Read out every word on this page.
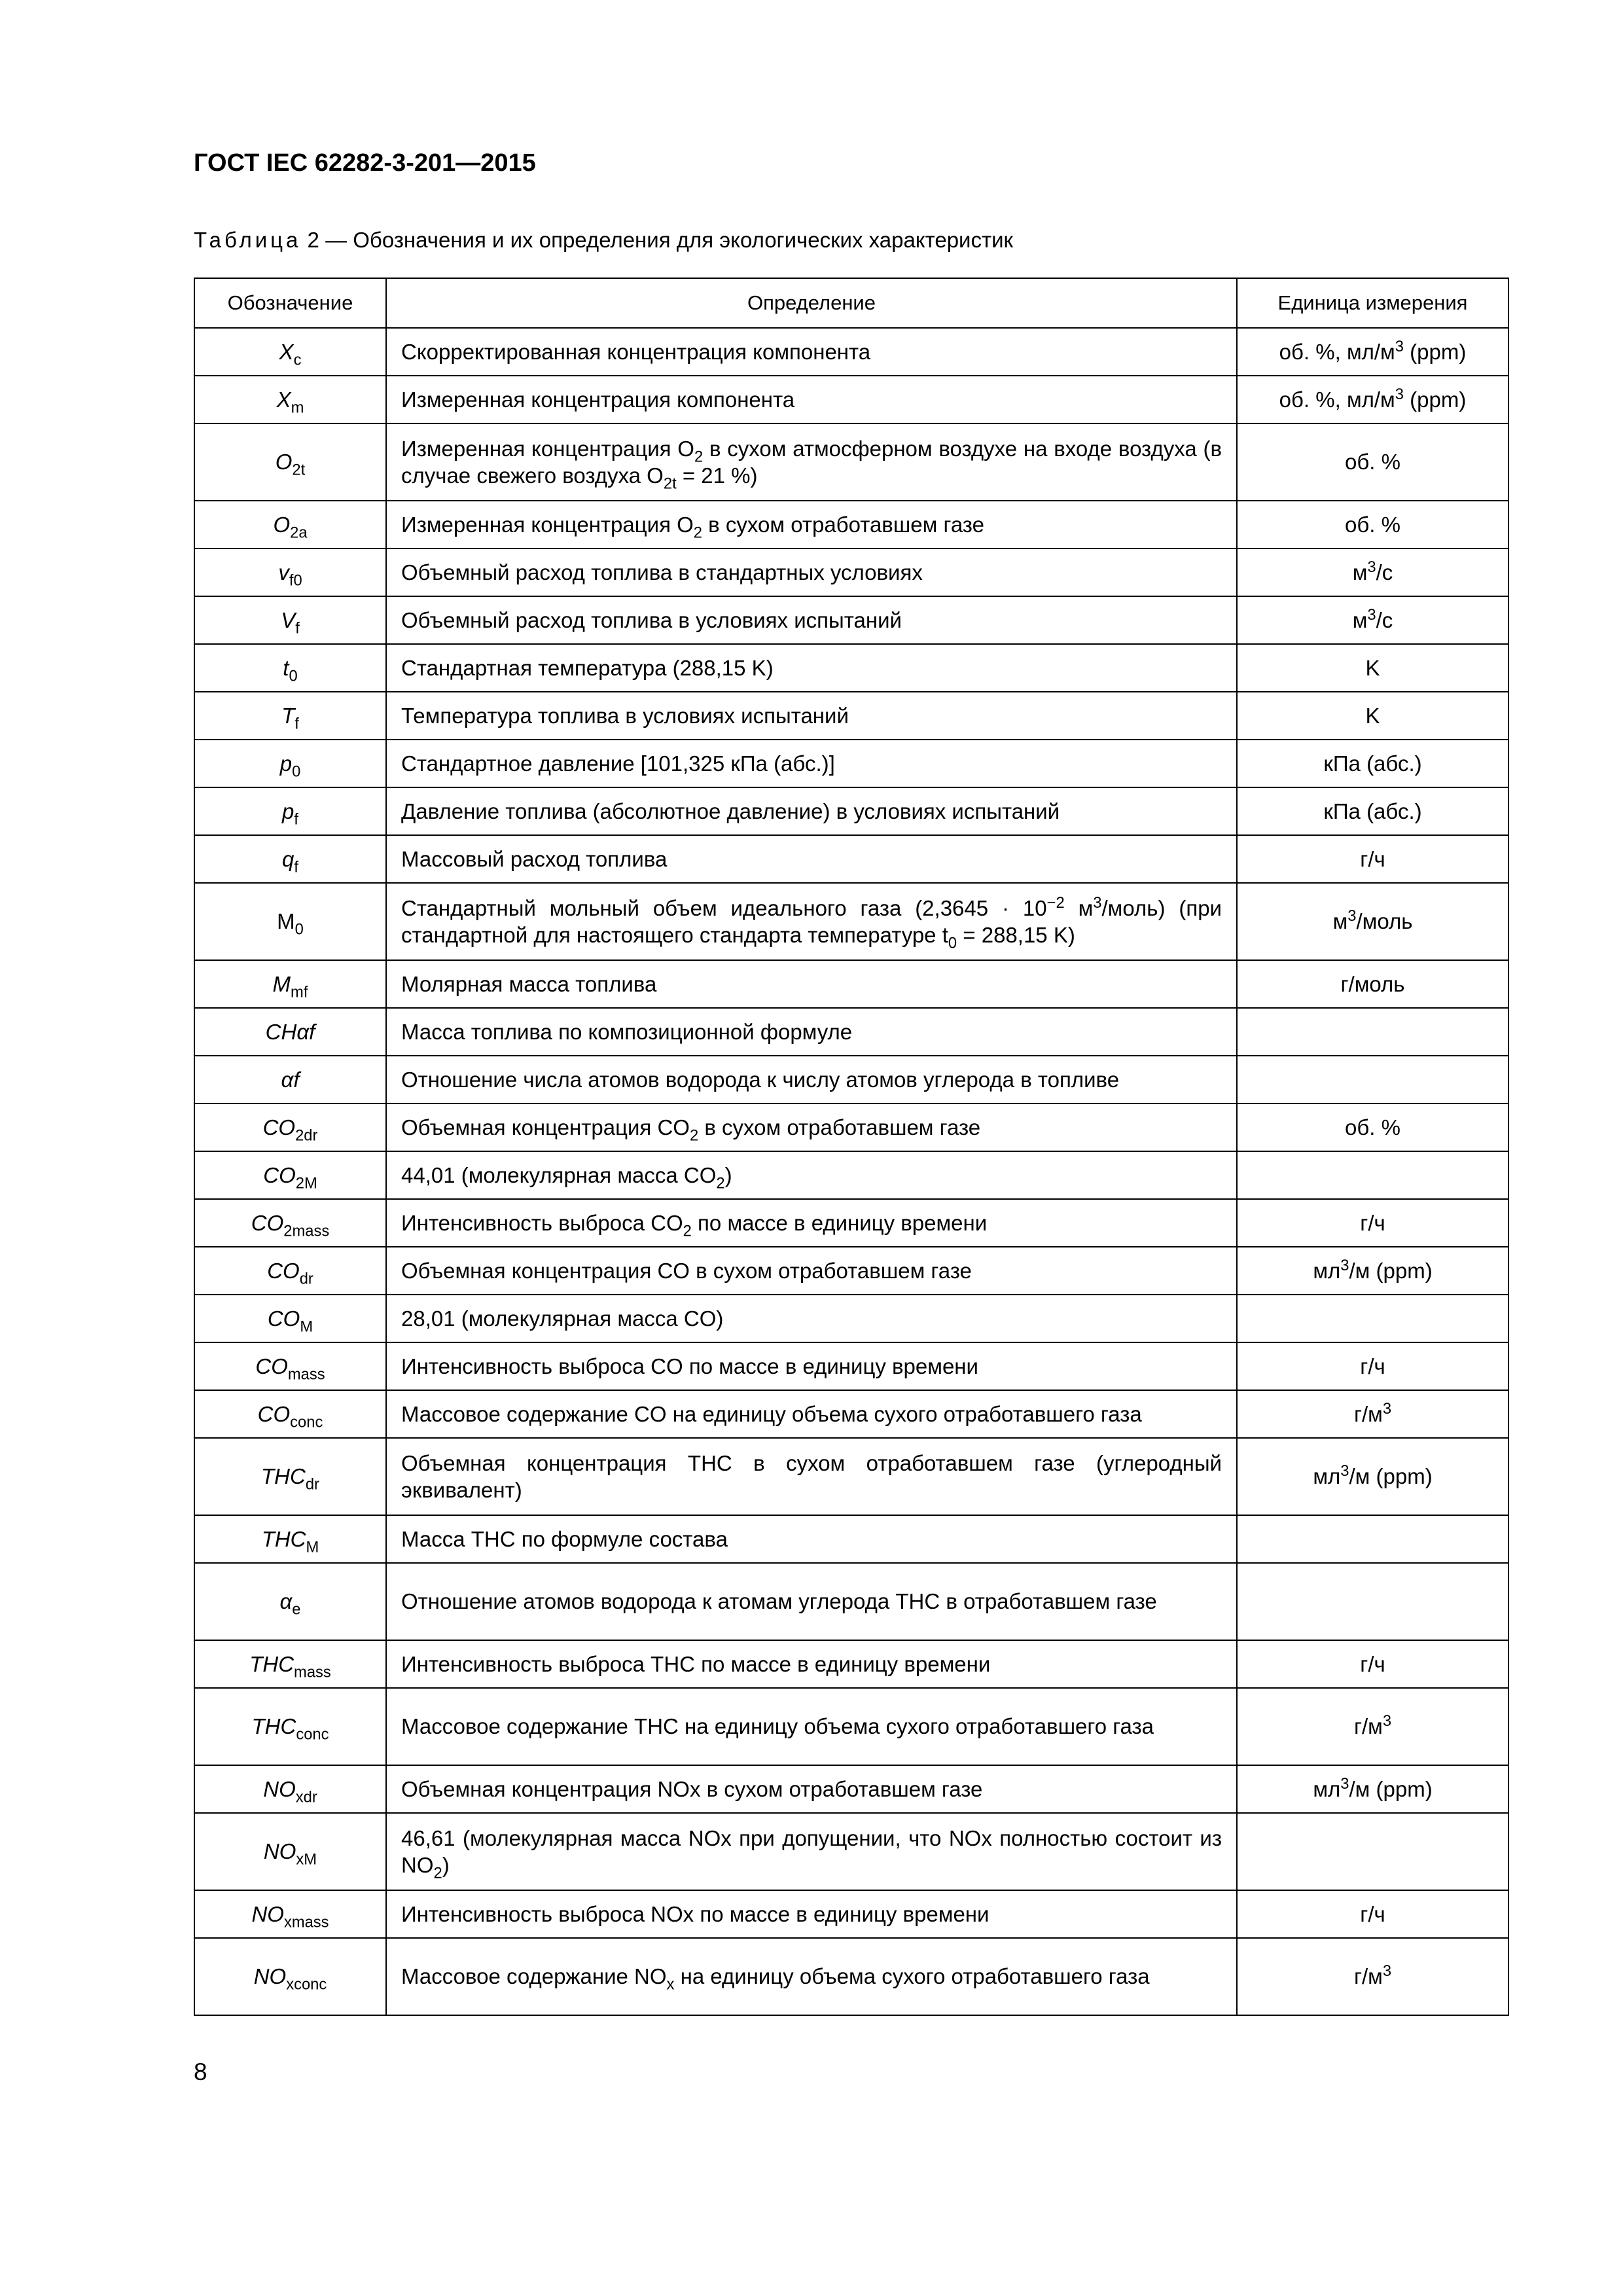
ГОСТ IEC 62282-3-201—2015
Таблица 2 — Обозначения и их определения для экологических характеристик
Обозначение	Определение	Единица измерения
$X_c$	Скорректированная концентрация компонента	об. %, $мл/м^3$ (ppm)
$X_m$	Измеренная концентрация компонента	об. %, $мл/м^3$ (ppm)
$O_{2t}$	Измеренная концентрация $O_2$ в сухом атмосферном воздухе на входе воздуха (в случае свежего воздуха $O_{2t} = 21$ %)	об. %
$O_{2a}$	Измеренная концентрация $O_2$ в сухом отработавшем газе	об. %
$v_{f0}$	Объемный расход топлива в стандартных условиях	$м^3/с$
$V_f$	Объемный расход топлива в условиях испытаний	$м^3/с$
$t_0$	Стандартная температура (288,15 K)	K
$T_f$	Температура топлива в условиях испытаний	K
$p_0$	Стандартное давление [101,325 кПа (абс.)]	кПа (абс.)
$p_f$	Давление топлива (абсолютное давление) в условиях испытаний	кПа (абс.)
$q_f$	Массовый расход топлива	г/ч
$M_0$	Стандартный мольный объем идеального газа ($2,3645 \cdot 10^{-2}$ $м^3/моль$) (при стандартной для настоящего стандарта температуре $t_0 = 288,15$ K)	$м^3$/моль
$M_{mf}$	Молярная масса топлива	г/моль
CHαf	Масса топлива по композиционной формуле	
αf	Отношение числа атомов водорода к числу атомов углерода в топливе	
$CO_{2dr}$	Объемная концентрация $CO_2$ в сухом отработавшем газе	об. %
$CO_{2M}$	44,01 (молекулярная масса $CO_2$)	
$CO_{2mass}$	Интенсивность выброса $CO_2$ по массе в единицу времени	г/ч
$CO_{dr}$	Объемная концентрация CO в сухом отработавшем газе	$мл^3/м$ (ppm)
$CO_M$	28,01 (молекулярная масса CO)	
$CO_{mass}$	Интенсивность выброса CO по массе в единицу времени	г/ч
$CO_{conc}$	Массовое содержание CO на единицу объема сухого отработавшего газа	$г/м^3$
$THC_{dr}$	Объемная концентрация THC в сухом отработавшем газе (углеродный эквивалент)	$мл^3/м$ (ppm)
$THC_M$	Масса THC по формуле состава	
$\alpha_e$	Отношение атомов водорода к атомам углерода THC в отработавшем газе	
$THC_{mass}$	Интенсивность выброса THC по массе в единицу времени	г/ч
$THC_{conc}$	Массовое содержание THC на единицу объема сухого отработавшего газа	$г/м^3$
$NO_{xdr}$	Объемная концентрация NOx в сухом отработавшем газе	$мл^3/м$ (ppm)
$NO_{xM}$	46,61 (молекулярная масса NOx при допущении, что NOx полностью состоит из $NO_2$)	
$NO_{xmass}$	Интенсивность выброса NOx по массе в единицу времени	г/ч
$NO_{xconc}$	Массовое содержание $NO_x$ на единицу объема сухого отработавшего газа	$г/м^3$
8
